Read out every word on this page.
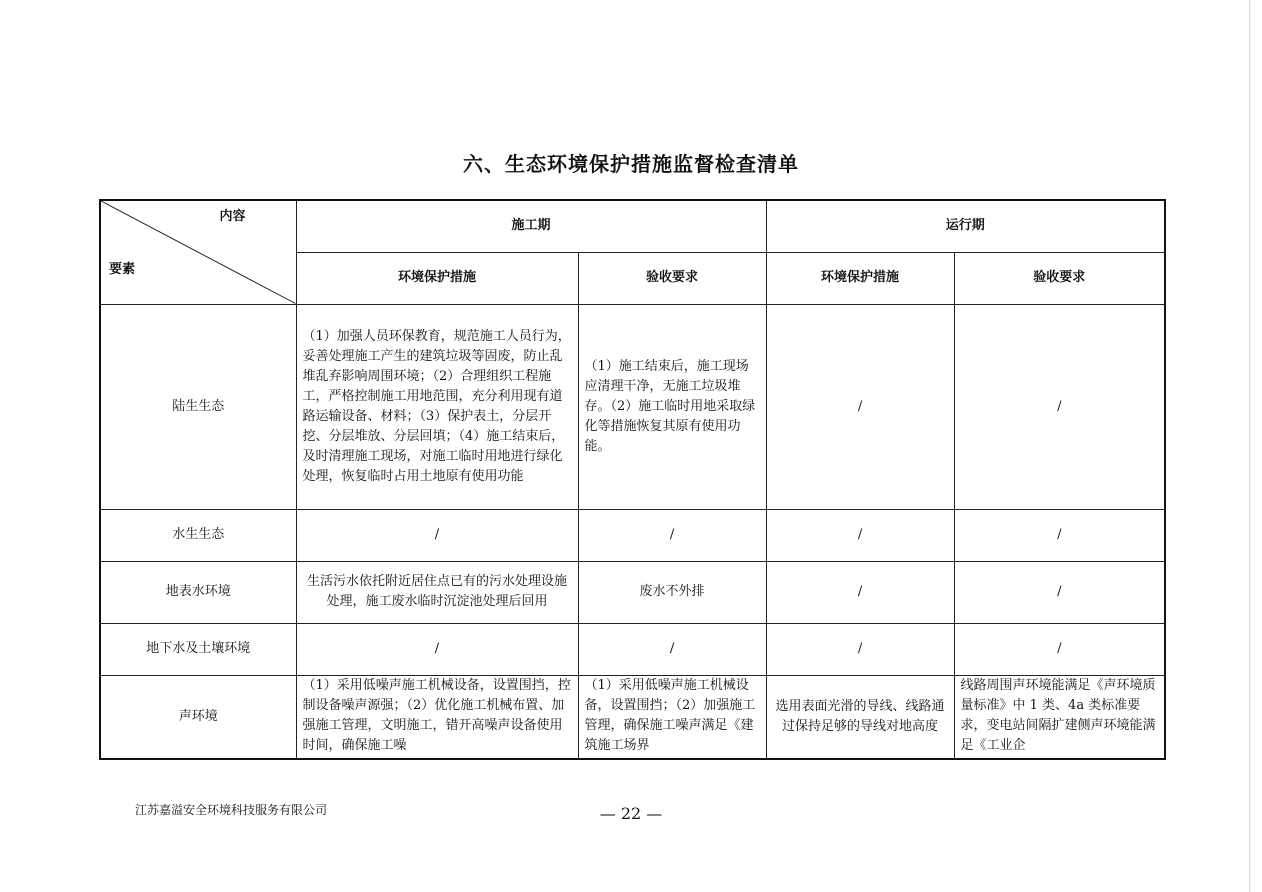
六、生态环境保护措施监督检查清单
内容
要素	施工期		运行期	
	环境保护措施	验收要求	环境保护措施	验收要求
陆生生态	（1）加强人员环保教育，规范施工人员行为，妥善处理施工产生的建筑垃圾等固废，防止乱堆乱弃影响周围环境；（2）合理组织工程施工，严格控制施工用地范围，充分利用现有道路运输设备、材料；（3）保护表土，分层开挖、分层堆放、分层回填；（4）施工结束后，及时清理施工现场，对施工临时用地进行绿化处理，恢复临时占用土地原有使用功能	（1）施工结束后，施工现场应清理干净，无施工垃圾堆存。（2）施工临时用地采取绿化等措施恢复其原有使用功能。	/	/
水生生态	/	/	/	/
地表水环境	生活污水依托附近居住点已有的污水处理设施处理，施工废水临时沉淀池处理后回用	废水不外排	/	/
地下水及土壤环境	/	/	/	/
声环境	（1）采用低噪声施工机械设备，设置围挡，控制设备噪声源强；（2）优化施工机械布置、加强施工管理，文明施工，错开高噪声设备使用时间，确保施工噪	（1）采用低噪声施工机械设备，设置围挡；（2）加强施工管理，确保施工噪声满足《建筑施工场界	选用表面光滑的导线、线路通过保持足够的导线对地高度	线路周围声环境能满足《声环境质量标准》中 1 类、4a 类标准要求，变电站间隔扩建侧声环境能满足《工业企
江苏嘉溢安全环境科技服务有限公司	— 22 —
